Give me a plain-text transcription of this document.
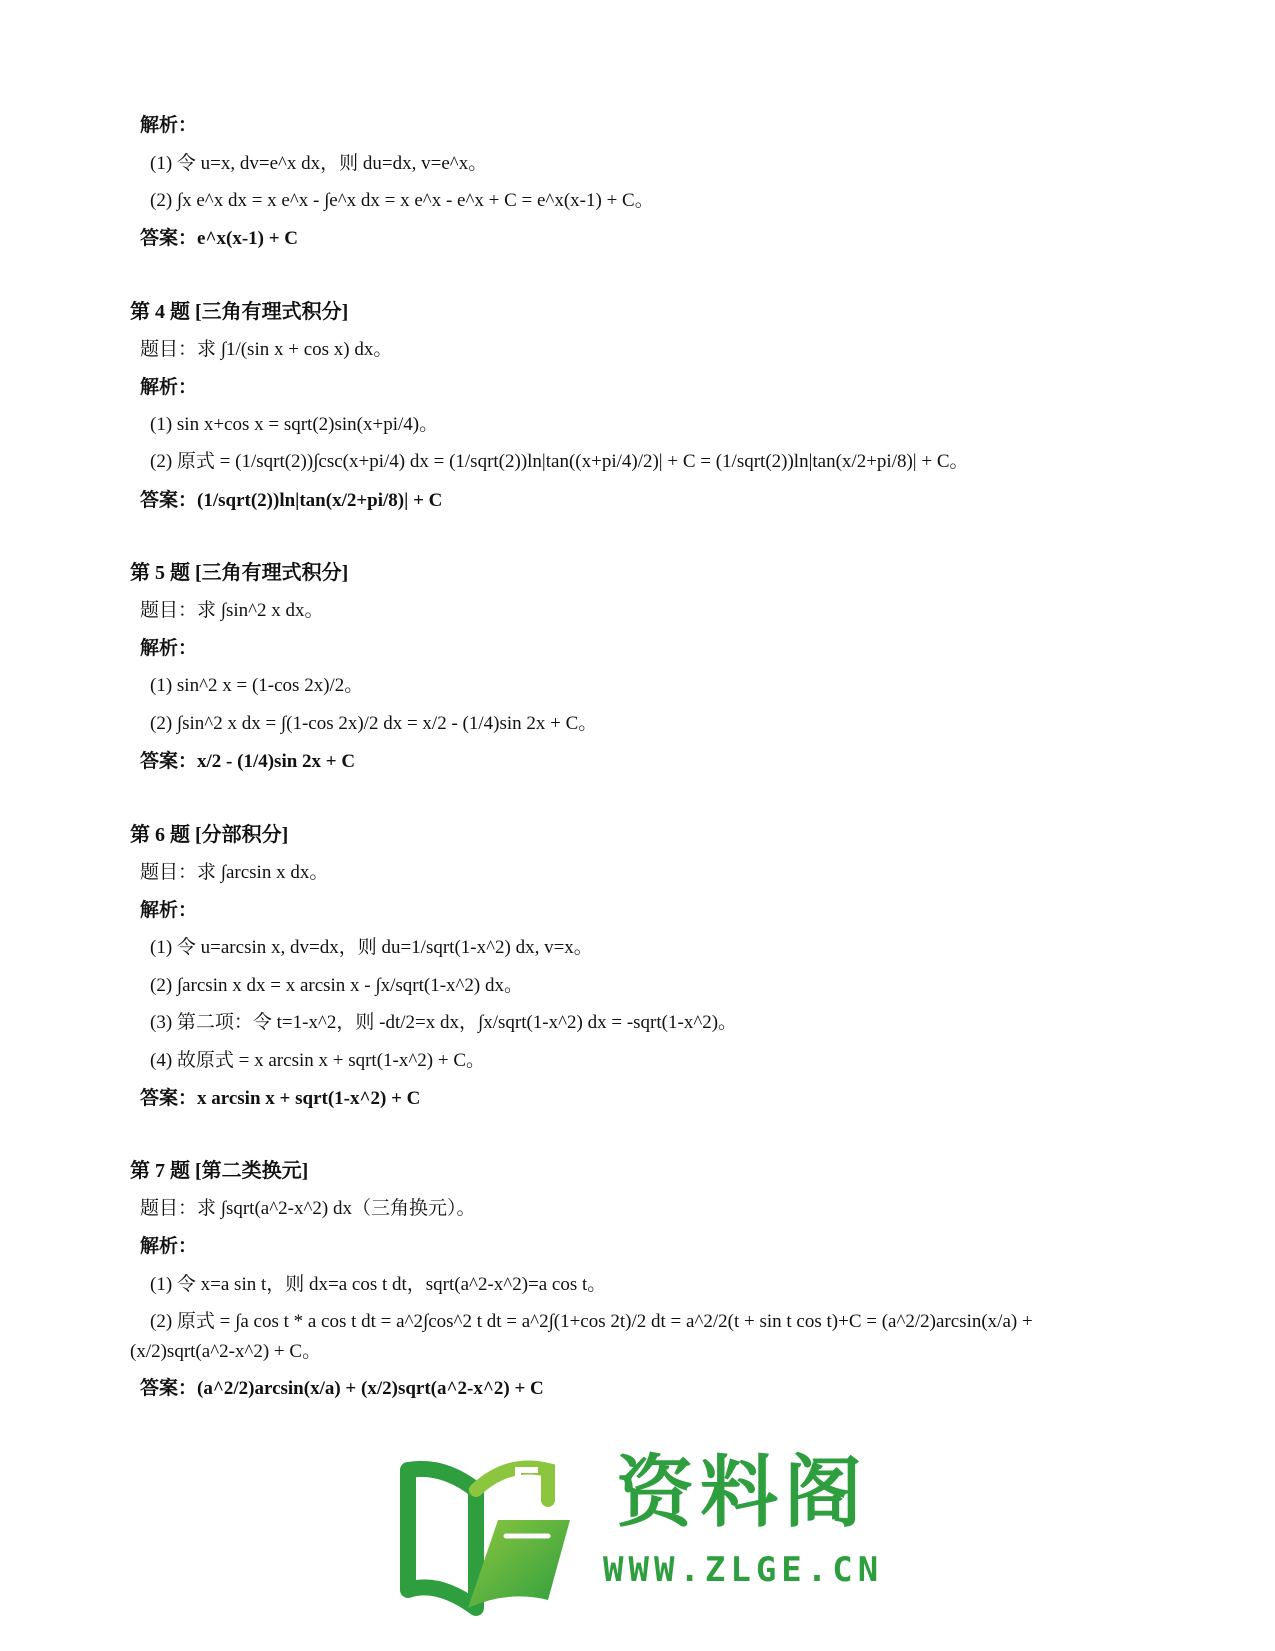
解析：
(1) 令 u=x, dv=e^x dx，则 du=dx, v=e^x。
(2) ∫x e^x dx = x e^x - ∫e^x dx = x e^x - e^x + C = e^x(x-1) + C。
答案：e^x(x-1) + C
第 4 题 [三角有理式积分]
题目：求 ∫1/(sin x + cos x) dx。
解析：
(1) sin x+cos x = sqrt(2)sin(x+pi/4)。
(2) 原式 = (1/sqrt(2))∫csc(x+pi/4) dx = (1/sqrt(2))ln|tan((x+pi/4)/2)| + C = (1/sqrt(2))ln|tan(x/2+pi/8)| + C。
答案：(1/sqrt(2))ln|tan(x/2+pi/8)| + C
第 5 题 [三角有理式积分]
题目：求 ∫sin^2 x dx。
解析：
(1) sin^2 x = (1-cos 2x)/2。
(2) ∫sin^2 x dx = ∫(1-cos 2x)/2 dx = x/2 - (1/4)sin 2x + C。
答案：x/2 - (1/4)sin 2x + C
第 6 题 [分部积分]
题目：求 ∫arcsin x dx。
解析：
(1) 令 u=arcsin x, dv=dx，则 du=1/sqrt(1-x^2) dx, v=x。
(2) ∫arcsin x dx = x arcsin x - ∫x/sqrt(1-x^2) dx。
(3) 第二项：令 t=1-x^2，则 -dt/2=x dx，∫x/sqrt(1-x^2) dx = -sqrt(1-x^2)。
(4) 故原式 = x arcsin x + sqrt(1-x^2) + C。
答案：x arcsin x + sqrt(1-x^2) + C
第 7 题 [第二类换元]
题目：求 ∫sqrt(a^2-x^2) dx（三角换元）。
解析：
(1) 令 x=a sin t，则 dx=a cos t dt，sqrt(a^2-x^2)=a cos t。
(2) 原式 = ∫a cos t * a cos t dt = a^2∫cos^2 t dt = a^2∫(1+cos 2t)/2 dt = a^2/2(t + sin t cos t)+C = (a^2/2)arcsin(x/a) +
(x/2)sqrt(a^2-x^2) + C。
答案：(a^2/2)arcsin(x/a) + (x/2)sqrt(a^2-x^2) + C
资料阁
WWW.ZLGE.CN
